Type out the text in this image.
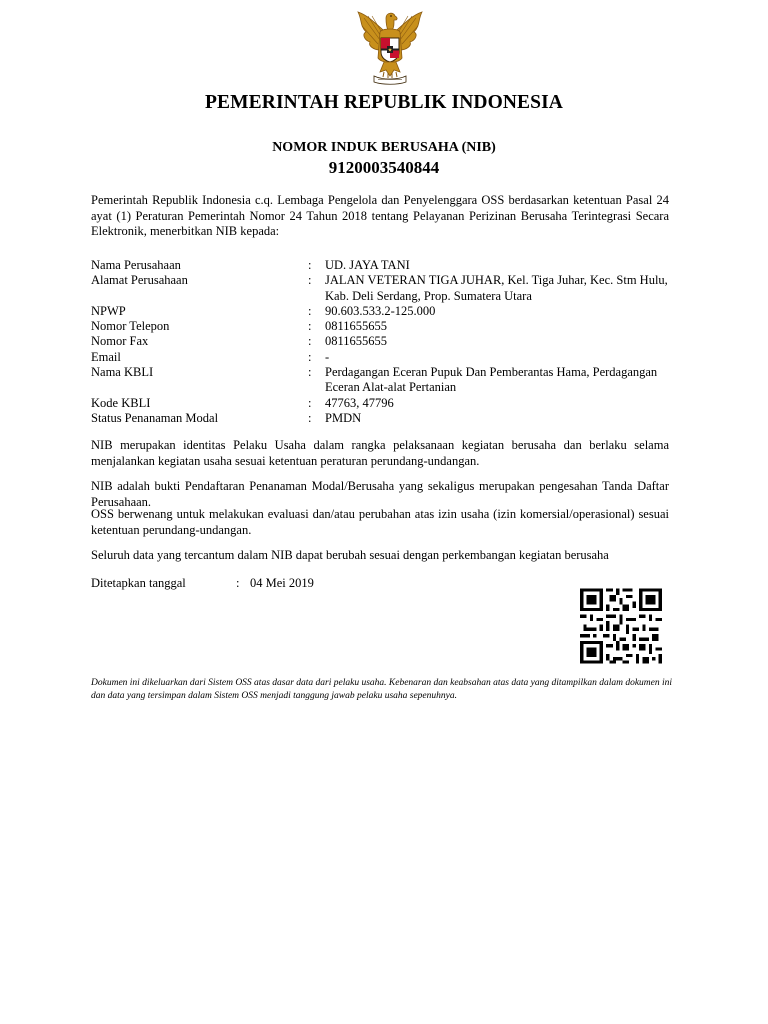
★
PEMERINTAH REPUBLIK INDONESIA
NOMOR INDUK BERUSAHA (NIB)
9120003540844
Pemerintah Republik Indonesia c.q. Lembaga Pengelola dan Penyelenggara OSS berdasarkan ketentuan Pasal 24 ayat (1) Peraturan Pemerintah Nomor 24 Tahun 2018 tentang Pelayanan Perizinan Berusaha Terintegrasi Secara Elektronik, menerbitkan NIB kepada:
Nama Perusahaan	:	UD. JAYA TANI
Alamat Perusahaan	:	JALAN VETERAN TIGA JUHAR, Kel. Tiga Juhar, Kec. Stm Hulu, Kab. Deli Serdang, Prop. Sumatera Utara
NPWP	:	90.603.533.2-125.000
Nomor Telepon	:	0811655655
Nomor Fax	:	0811655655
Email	:	-
Nama KBLI	:	Perdagangan Eceran Pupuk Dan Pemberantas Hama, Perdagangan Eceran Alat-alat Pertanian
Kode KBLI	:	47763, 47796
Status Penanaman Modal	:	PMDN
NIB merupakan identitas Pelaku Usaha dalam rangka pelaksanaan kegiatan berusaha dan berlaku selama menjalankan kegiatan usaha sesuai ketentuan peraturan perundang-undangan.
NIB adalah bukti Pendaftaran Penanaman Modal/Berusaha yang sekaligus merupakan pengesahan Tanda Daftar Perusahaan.
OSS berwenang untuk melakukan evaluasi dan/atau perubahan atas izin usaha (izin komersial/operasional) sesuai ketentuan perundang-undangan.
Seluruh data yang tercantum dalam NIB dapat berubah sesuai dengan perkembangan kegiatan berusaha
Ditetapkan tanggal	: 04 Mei 2019
Dokumen ini dikeluarkan dari Sistem OSS atas dasar data dari pelaku usaha. Kebenaran dan keabsahan atas data yang ditampilkan dalam dokumen ini dan data yang tersimpan dalam Sistem OSS menjadi tanggung jawab pelaku usaha sepenuhnya.
